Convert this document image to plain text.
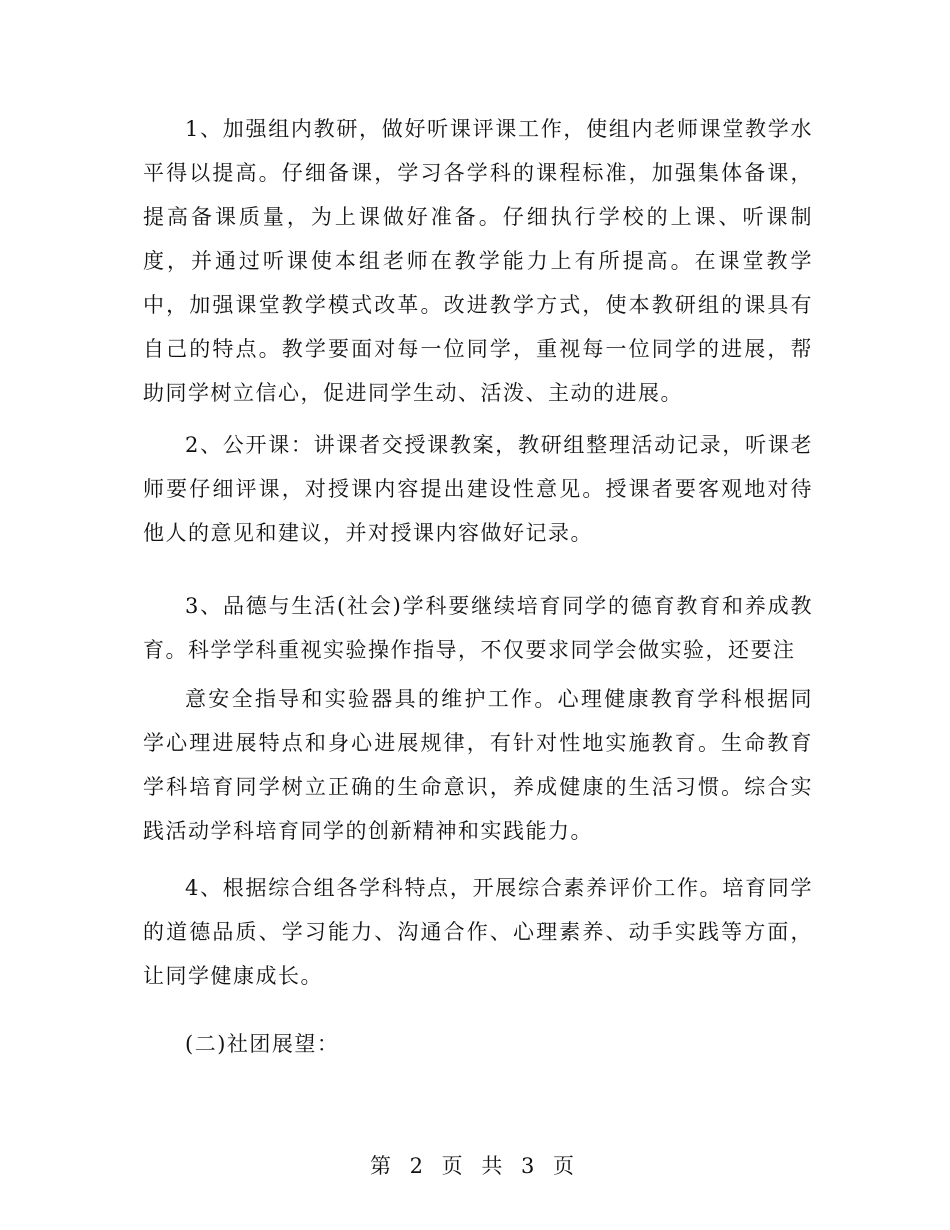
1、加强组内教研，做好听课评课工作，使组内老师课堂教学水平得以提高。仔细备课，学习各学科的课程标准，加强集体备课，提高备课质量，为上课做好准备。仔细执行学校的上课、听课制度，并通过听课使本组老师在教学能力上有所提高。在课堂教学中，加强课堂教学模式改革。改进教学方式，使本教研组的课具有自己的特点。教学要面对每一位同学，重视每一位同学的进展，帮助同学树立信心，促进同学生动、活泼、主动的进展。

2、公开课：讲课者交授课教案，教研组整理活动记录，听课老师要仔细评课，对授课内容提出建设性意见。授课者要客观地对待他人的意见和建议，并对授课内容做好记录。

3、品德与生活(社会)学科要继续培育同学的德育教育和养成教育。科学学科重视实验操作指导，不仅要求同学会做实验，还要注

意安全指导和实验器具的维护工作。心理健康教育学科根据同学心理进展特点和身心进展规律，有针对性地实施教育。生命教育学科培育同学树立正确的生命意识，养成健康的生活习惯。综合实践活动学科培育同学的创新精神和实践能力。

4、根据综合组各学科特点，开展综合素养评价工作。培育同学的道德品质、学习能力、沟通合作、心理素养、动手实践等方面，让同学健康成长。

(二)社团展望：

第 2 页 共 3 页
